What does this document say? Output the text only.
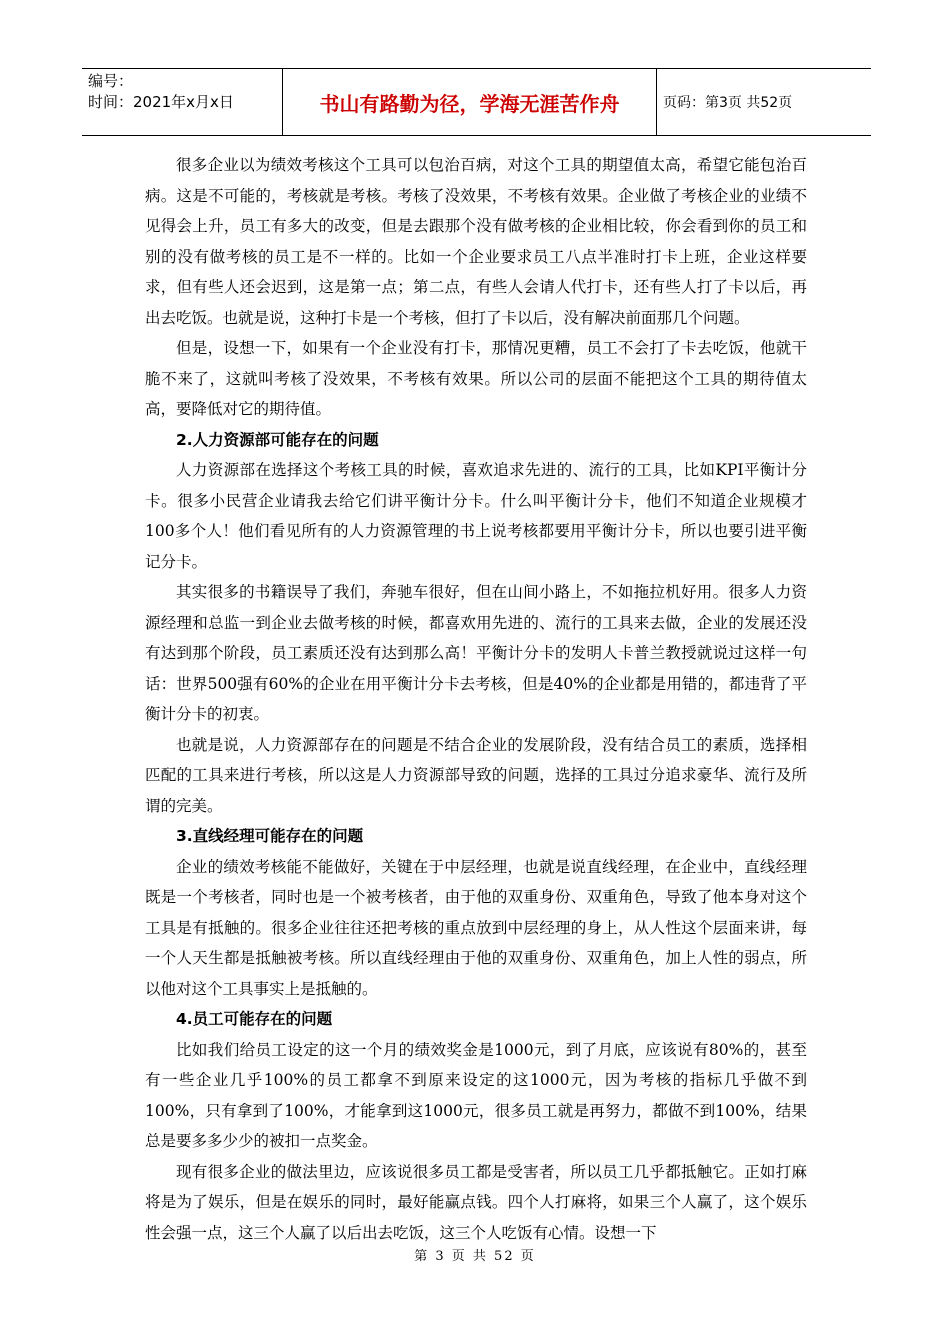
编号：
时间：2021年x月x日	书山有路勤为径，学海无涯苦作舟	页码：第3页 共52页

很多企业以为绩效考核这个工具可以包治百病，对这个工具的期望值太高，希望它能包治百病。这是不可能的，考核就是考核。考核了没效果，不考核有效果。企业做了考核企业的业绩不见得会上升，员工有多大的改变，但是去跟那个没有做考核的企业相比较，你会看到你的员工和别的没有做考核的员工是不一样的。比如一个企业要求员工八点半准时打卡上班，企业这样要求，但有些人还会迟到，这是第一点；第二点，有些人会请人代打卡，还有些人打了卡以后，再出去吃饭。也就是说，这种打卡是一个考核，但打了卡以后，没有解决前面那几个问题。

但是，设想一下，如果有一个企业没有打卡，那情况更糟，员工不会打了卡去吃饭，他就干脆不来了，这就叫考核了没效果，不考核有效果。所以公司的层面不能把这个工具的期待值太高，要降低对它的期待值。

2.人力资源部可能存在的问题

人力资源部在选择这个考核工具的时候，喜欢追求先进的、流行的工具，比如KPI平衡计分卡。很多小民营企业请我去给它们讲平衡计分卡。什么叫平衡计分卡，他们不知道企业规模才100多个人！他们看见所有的人力资源管理的书上说考核都要用平衡计分卡，所以也要引进平衡记分卡。

其实很多的书籍误导了我们，奔驰车很好，但在山间小路上，不如拖拉机好用。很多人力资源经理和总监一到企业去做考核的时候，都喜欢用先进的、流行的工具来去做，企业的发展还没有达到那个阶段，员工素质还没有达到那么高！平衡计分卡的发明人卡普兰教授就说过这样一句话：世界500强有60%的企业在用平衡计分卡去考核，但是40%的企业都是用错的，都违背了平衡计分卡的初衷。

也就是说，人力资源部存在的问题是不结合企业的发展阶段，没有结合员工的素质，选择相匹配的工具来进行考核，所以这是人力资源部导致的问题，选择的工具过分追求豪华、流行及所谓的完美。

3.直线经理可能存在的问题

企业的绩效考核能不能做好，关键在于中层经理，也就是说直线经理，在企业中，直线经理既是一个考核者，同时也是一个被考核者，由于他的双重身份、双重角色，导致了他本身对这个工具是有抵触的。很多企业往往还把考核的重点放到中层经理的身上，从人性这个层面来讲，每一个人天生都是抵触被考核。所以直线经理由于他的双重身份、双重角色，加上人性的弱点，所以他对这个工具事实上是抵触的。

4.员工可能存在的问题

比如我们给员工设定的这一个月的绩效奖金是1000元，到了月底，应该说有80%的，甚至有一些企业几乎100%的员工都拿不到原来设定的这1000元，因为考核的指标几乎做不到100%，只有拿到了100%，才能拿到这1000元，很多员工就是再努力，都做不到100%，结果总是要多多少少的被扣一点奖金。

现有很多企业的做法里边，应该说很多员工都是受害者，所以员工几乎都抵触它。正如打麻将是为了娱乐，但是在娱乐的同时，最好能赢点钱。四个人打麻将，如果三个人赢了，这个娱乐性会强一点，这三个人赢了以后出去吃饭，这三个人吃饭有心情。设想一下

第 3 页 共 52 页
